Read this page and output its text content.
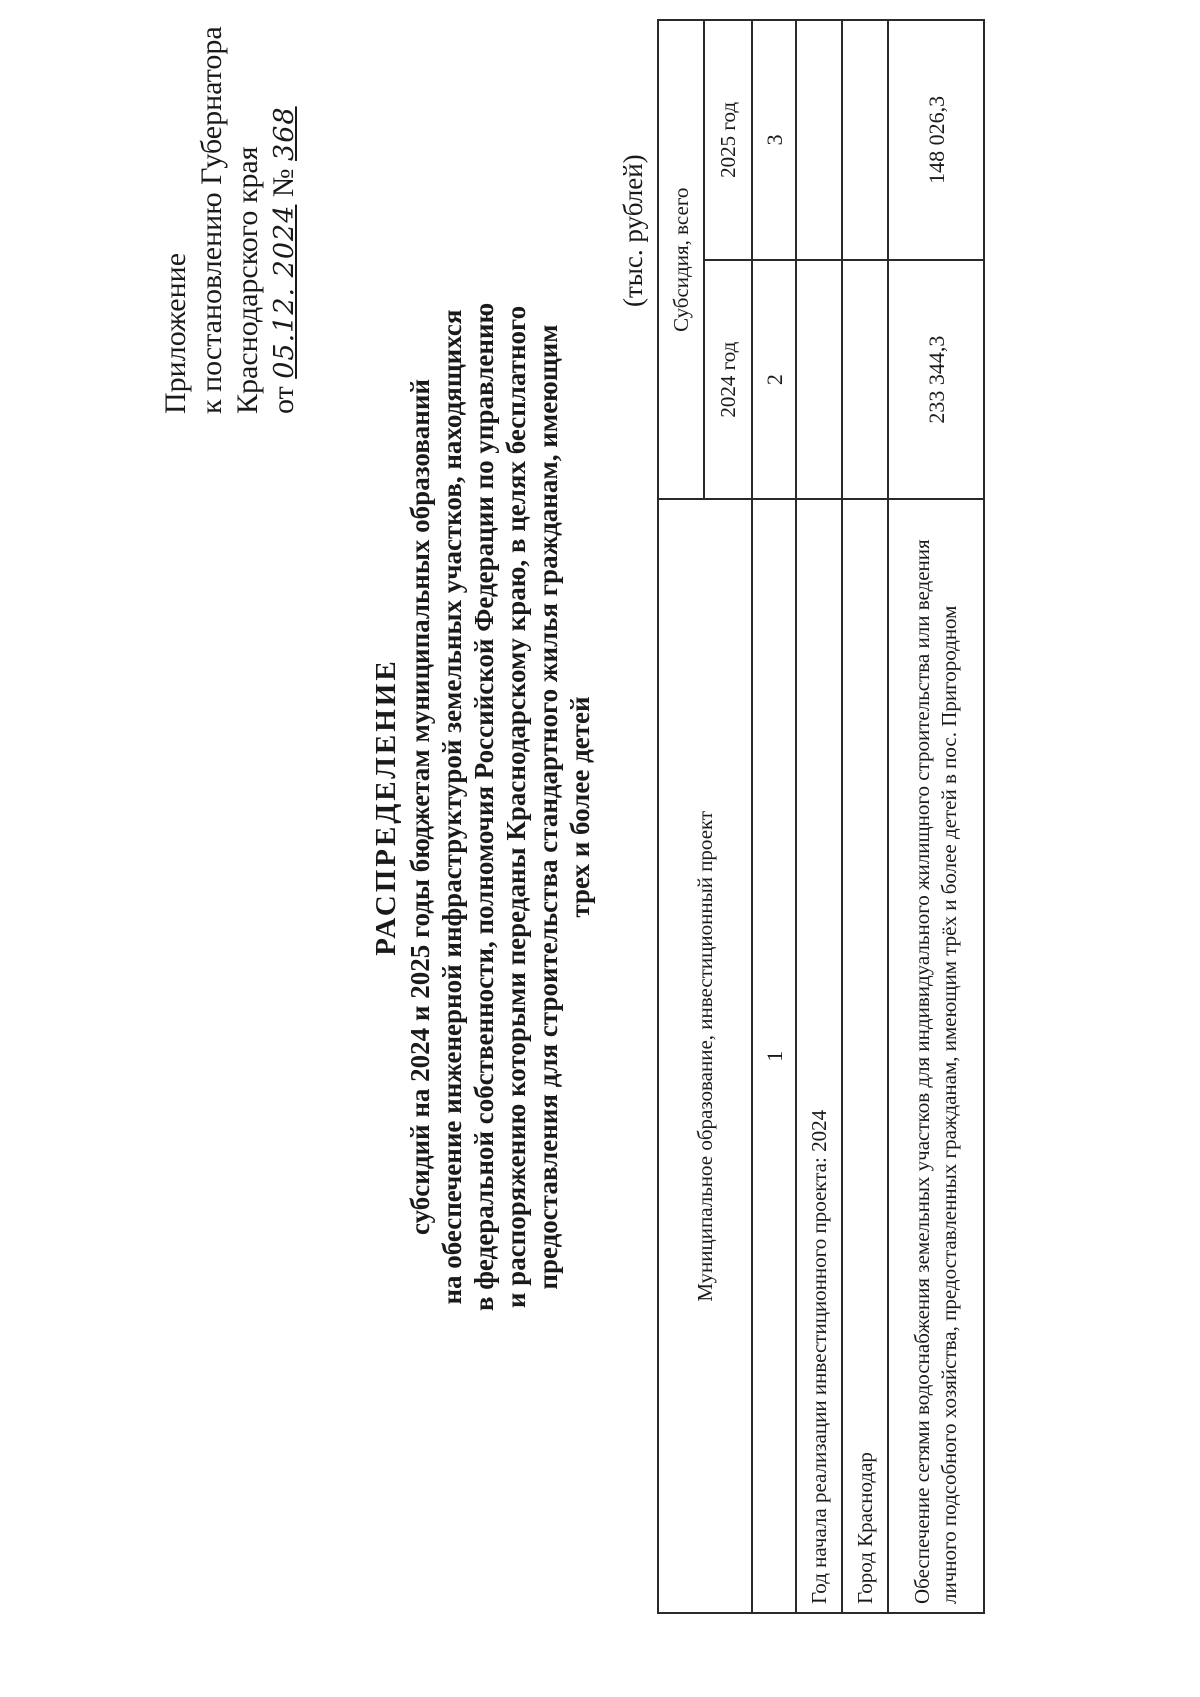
Приложение к постановлению Губернатора Краснодарского края от 05.12. 2024 № 368
РАСПРЕДЕЛЕНИЕ субсидий на 2024 и 2025 годы бюджетам муниципальных образований на обеспечение инженерной инфраструктурой земельных участков, находящихся в федеральной собственности, полномочия Российской Федерации по управлению и распоряжению которыми переданы Краснодарскому краю, в целях бесплатного предоставления для строительства стандартного жилья гражданам, имеющим трех и более детей
(тыс. рублей)
Муниципальное образование, инвестиционный проект	Субсидия, всего	
	2024 год	2025 год
1	2	3
Год начала реализации инвестиционного проекта: 2024		
Город Краснодар		
Обеспечение сетями водоснабжения земельных участков для индивидуального жилищного строительства или ведения личного подсобного хозяйства, предоставленных гражданам, имеющим трёх и более детей в пос. Пригородном	233 344,3	148 026,3
